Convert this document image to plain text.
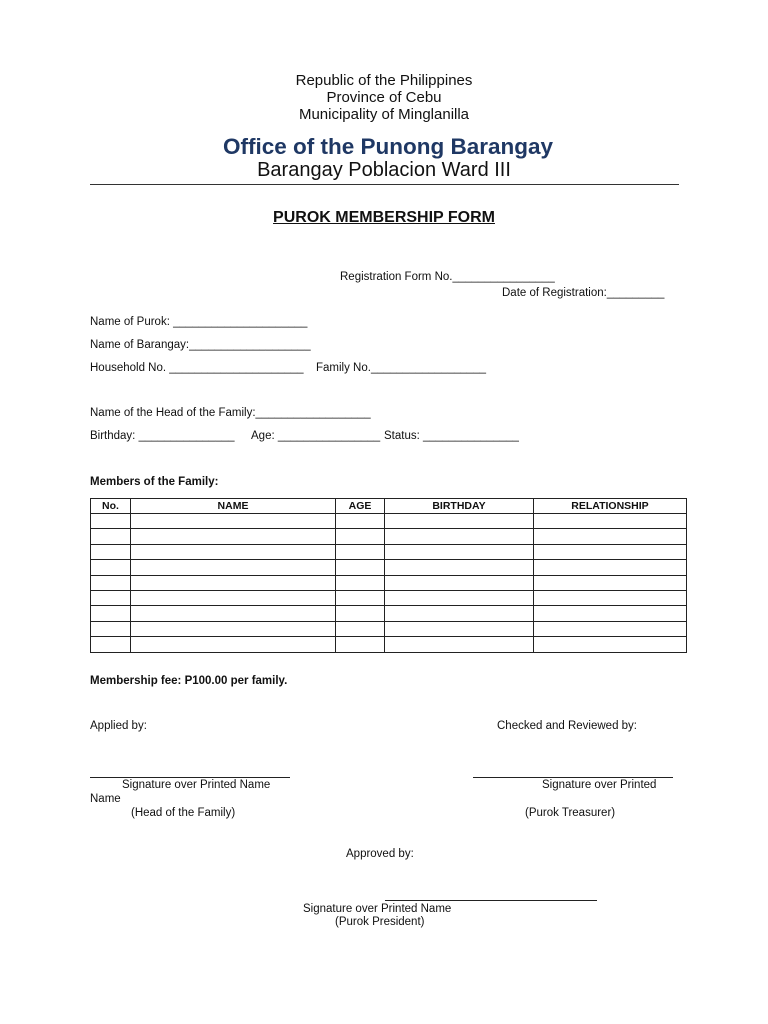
Republic of the Philippines
Province of Cebu
Municipality of Minglanilla
Office of the Punong Barangay
Barangay Poblacion Ward III
PUROK MEMBERSHIP FORM
Registration Form No.________________
Date of Registration:_________
Name of Purok: _____________________
Name of Barangay:___________________
Household No. _____________________ Family No.__________________
Name of the Head of the Family:__________________
Birthday: _______________ Age: ________________ Status: _______________
Members of the Family:
No.	NAME	AGE	BIRTHDAY	RELATIONSHIP

Membership fee: P100.00 per family.
Applied by:	Checked and Reviewed by:
Signature over Printed Name	Signature over Printed
Name
(Head of the Family)	(Purok Treasurer)
Approved by:
Signature over Printed Name
(Purok President)
